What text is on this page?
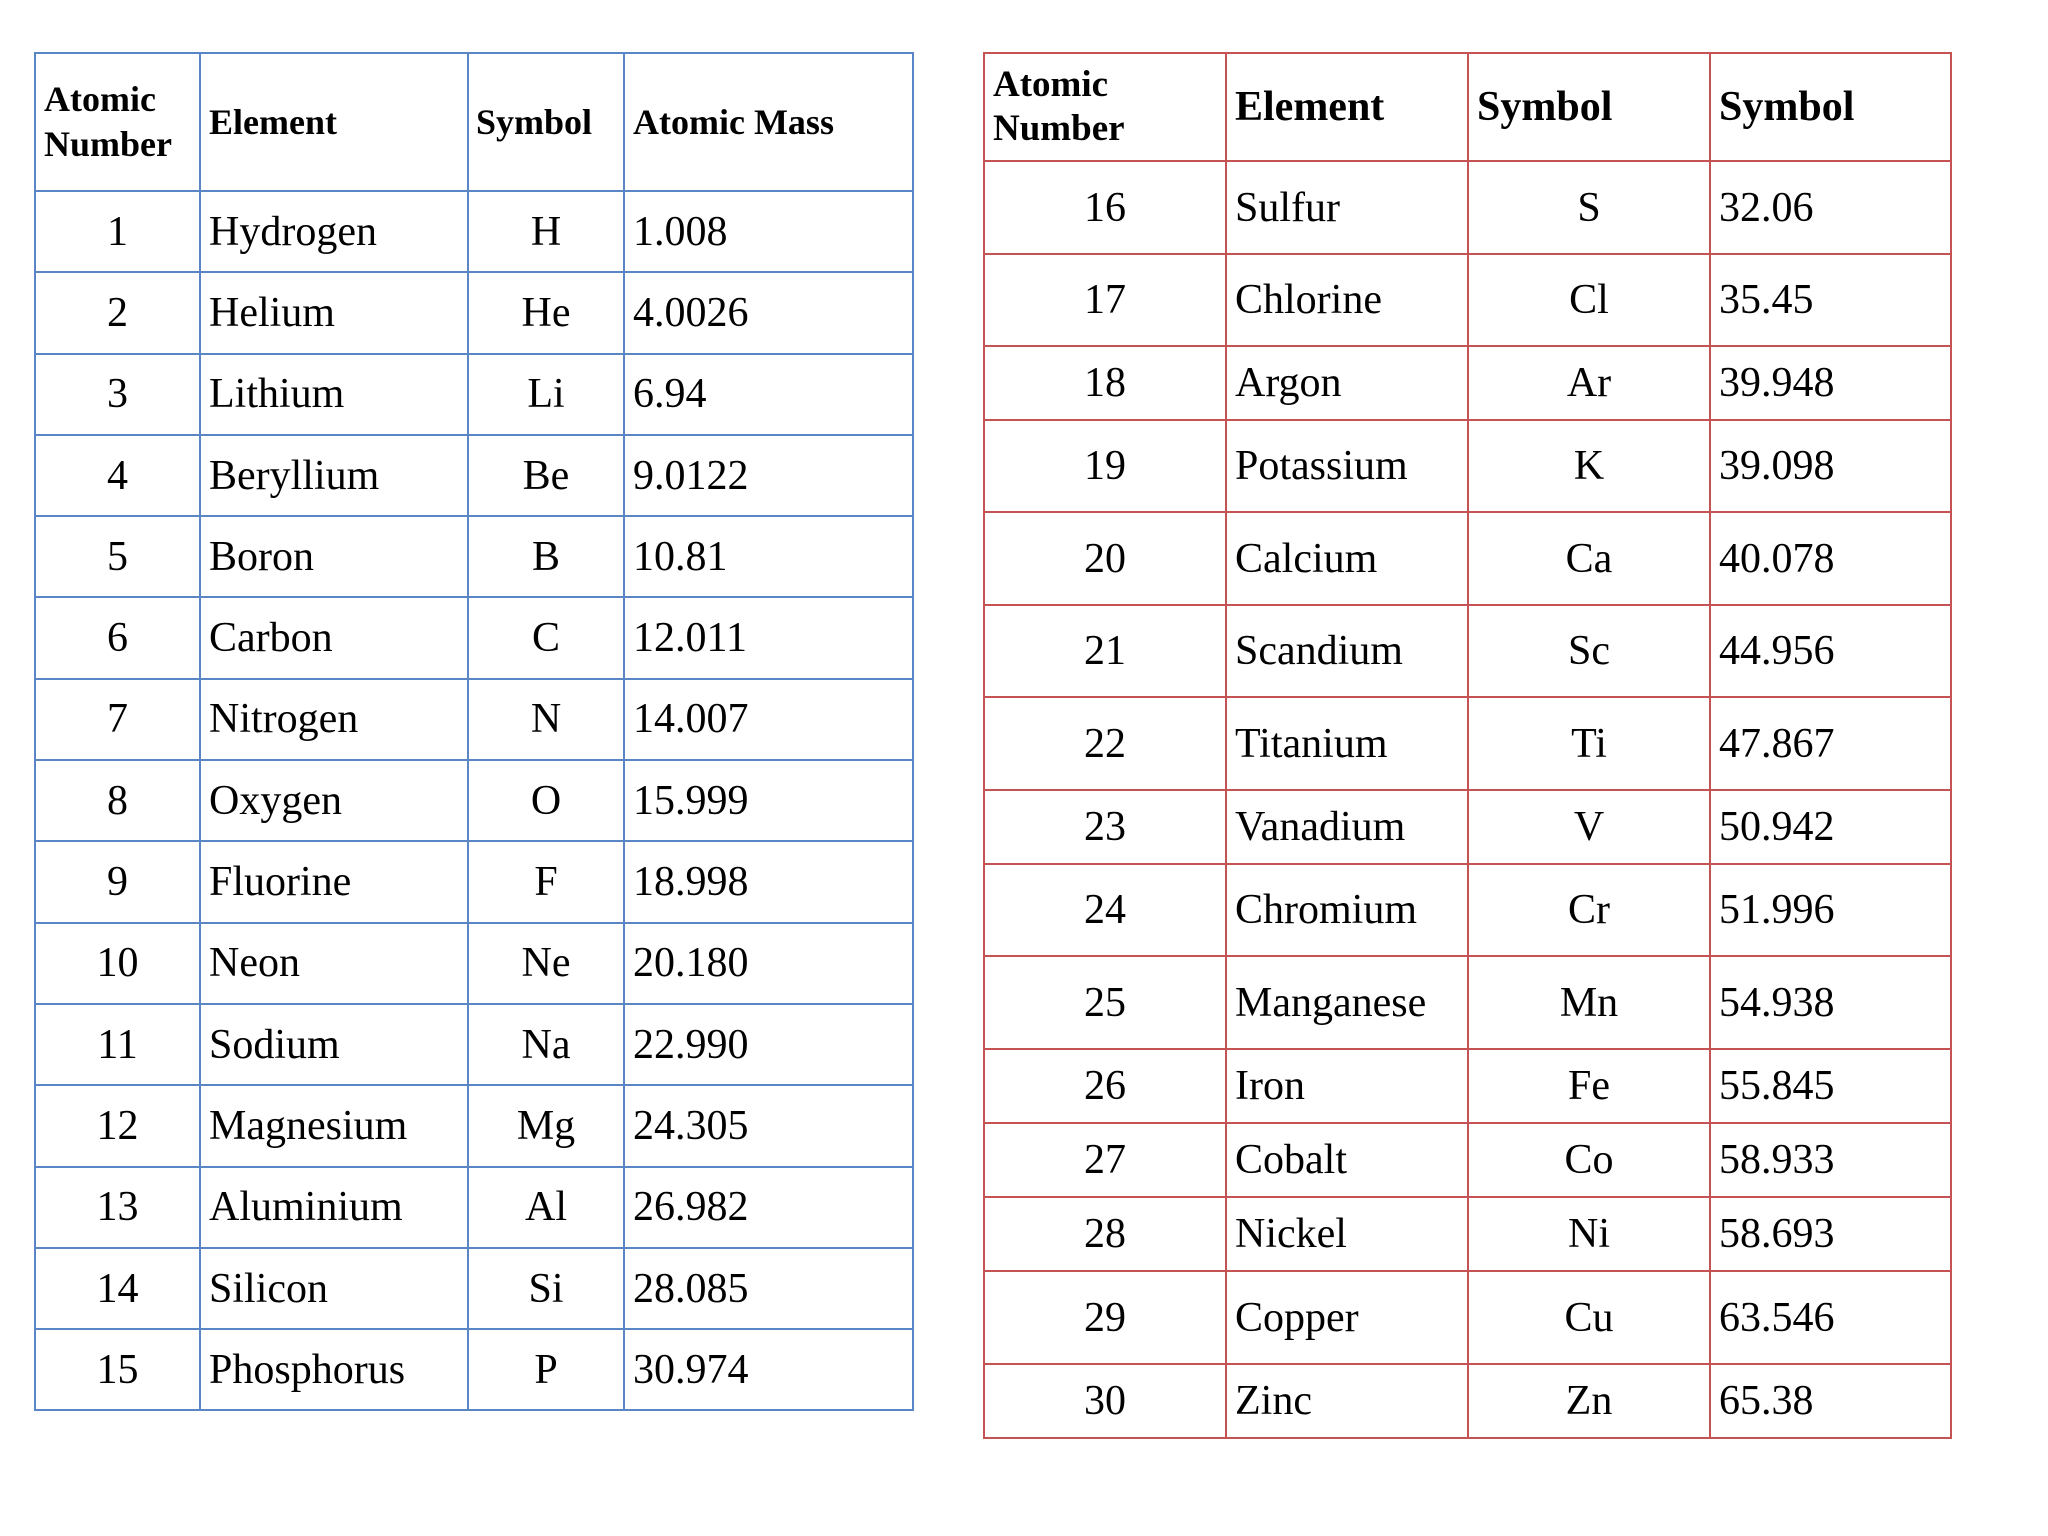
Atomic
Number	Element	Symbol	Atomic Mass
1	Hydrogen	H	1.008
2	Helium	He	4.0026
3	Lithium	Li	6.94
4	Beryllium	Be	9.0122
5	Boron	B	10.81
6	Carbon	C	12.011
7	Nitrogen	N	14.007
8	Oxygen	O	15.999
9	Fluorine	F	18.998
10	Neon	Ne	20.180
11	Sodium	Na	22.990
12	Magnesium	Mg	24.305
13	Aluminium	Al	26.982
14	Silicon	Si	28.085
15	Phosphorus	P	30.974
Atomic
Number	Element	Symbol	Symbol
16	Sulfur	S	32.06
17	Chlorine	Cl	35.45
18	Argon	Ar	39.948
19	Potassium	K	39.098
20	Calcium	Ca	40.078
21	Scandium	Sc	44.956
22	Titanium	Ti	47.867
23	Vanadium	V	50.942
24	Chromium	Cr	51.996
25	Manganese	Mn	54.938
26	Iron	Fe	55.845
27	Cobalt	Co	58.933
28	Nickel	Ni	58.693
29	Copper	Cu	63.546
30	Zinc	Zn	65.38
